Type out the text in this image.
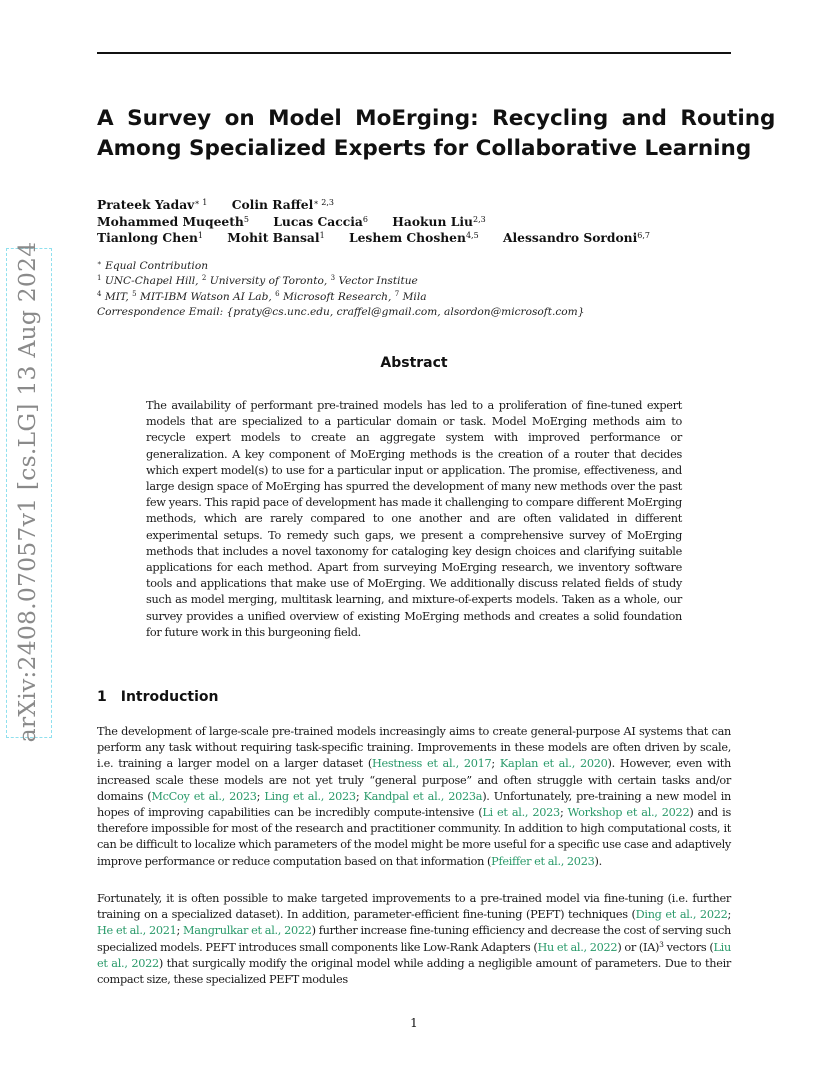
A Survey on Model MoErging: Recycling and Routing
Among Specialized Experts for Collaborative Learning
Prateek Yadav$^{∗ 1}$ Colin Raffel$^{∗ 2,3}$
Mohammed Muqeeth$^5$ Lucas Caccia$^6$ Haokun Liu$^{2,3}$
Tianlong Chen$^1$ Mohit Bansal$^1$ Leshem Choshen$^{4,5}$ Alessandro Sordoni$^{6,7}$
∗ Equal Contribution
$^1$ UNC-Chapel Hill, $^2$ University of Toronto, $^3$ Vector Institue
$^4$ MIT, $^5$ MIT-IBM Watson AI Lab, $^6$ Microsoft Research, $^7$ Mila
Correspondence Email: {praty@cs.unc.edu, craffel@gmail.com, alsordon@microsoft.com}
Abstract
The availability of performant pre-trained models has led to a proliferation of fine-tuned expert models that are specialized to a particular domain or task. Model MoErging methods aim to recycle expert models to create an aggregate system with improved performance or generalization. A key component of MoErging methods is the creation of a router that decides which expert model(s) to use for a particular input or application. The promise, effectiveness, and large design space of MoErging has spurred the development of many new methods over the past few years. This rapid pace of development has made it challenging to compare different MoErging methods, which are rarely compared to one another and are often validated in different experimental setups. To remedy such gaps, we present a comprehensive survey of MoErging methods that includes a novel taxonomy for cataloging key design choices and clarifying suitable applications for each method. Apart from surveying MoErging research, we inventory software tools and applications that make use of MoErging. We additionally discuss related fields of study such as model merging, multitask learning, and mixture-of-experts models. Taken as a whole, our survey provides a unified overview of existing MoErging methods and creates a solid foundation for future work in this burgeoning field.
1 Introduction

The development of large-scale pre-trained models increasingly aims to create general-purpose AI systems that can perform any task without requiring task-specific training. Improvements in these models are often driven by scale, i.e. training a larger model on a larger dataset (Hestness et al., 2017; Kaplan et al., 2020). However, even with increased scale these models are not yet truly “general purpose” and often struggle with certain tasks and/or domains (McCoy et al., 2023; Ling et al., 2023; Kandpal et al., 2023a). Unfortunately, pre-training a new model in hopes of improving capabilities can be incredibly compute-intensive (Li et al., 2023; Workshop et al., 2022) and is therefore impossible for most of the research and practitioner community. In addition to high computational costs, it can be difficult to localize which parameters of the model might be more useful for a specific use case and adaptively improve performance or reduce computation based on that information (Pfeiffer et al., 2023).

Fortunately, it is often possible to make targeted improvements to a pre-trained model via fine-tuning (i.e. further training on a specialized dataset). In addition, parameter-efficient fine-tuning (PEFT) techniques (Ding et al., 2022; He et al., 2021; Mangrulkar et al., 2022) further increase fine-tuning efficiency and decrease the cost of serving such specialized models. PEFT introduces small components like Low-Rank Adapters (Hu et al., 2022) or (IA)$^3$ vectors (Liu et al., 2022) that surgically modify the original model while adding a negligible amount of parameters. Due to their compact size, these specialized PEFT modules

1
arXiv:2408.07057v1 [cs.LG] 13 Aug 2024
